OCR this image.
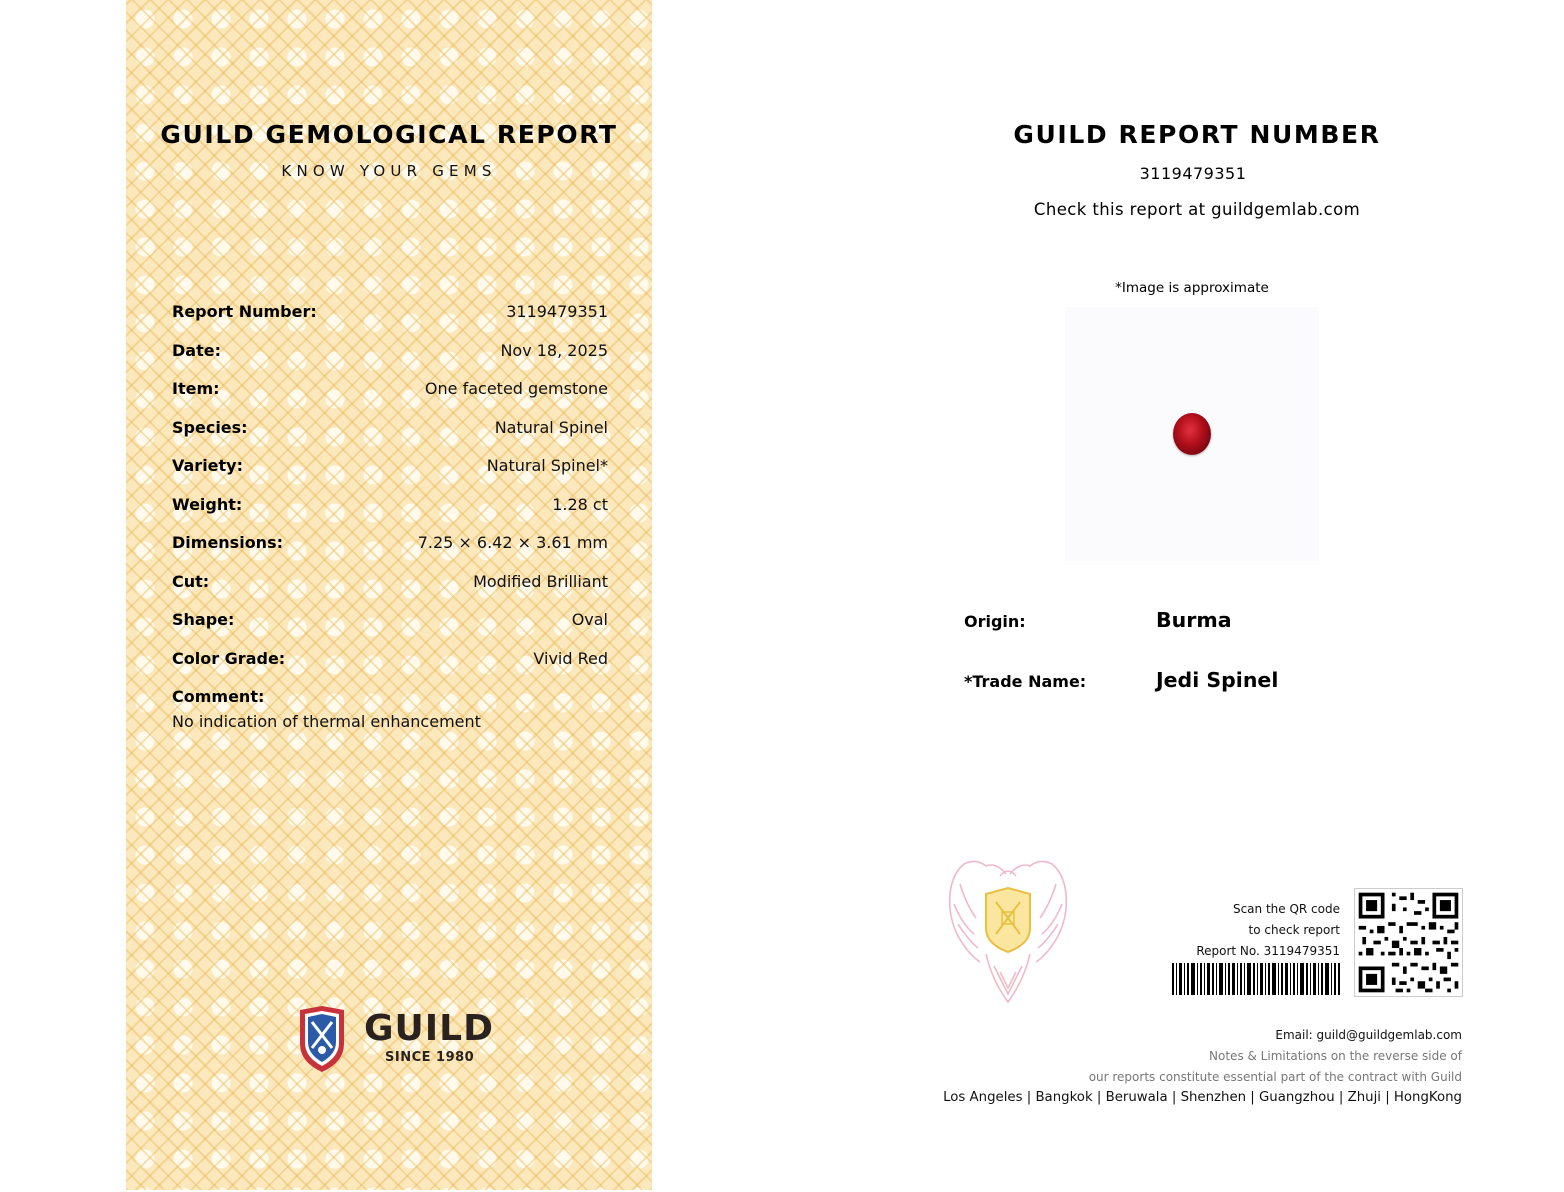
GUILD GEMOLOGICAL REPORT
KNOW YOUR GEMS
Report Number:	3119479351
Date:	Nov 18, 2025
Item:	One faceted gemstone
Species:	Natural Spinel
Variety:	Natural Spinel*
Weight:	1.28 ct
Dimensions:	7.25 × 6.42 × 3.61 mm
Cut:	Modified Brilliant
Shape:	Oval
Color Grade:	Vivid Red
Comment:
No indication of thermal enhancement
GUILD
SINCE 1980
GUILD REPORT NUMBER
3119479351
Check this report at guildgemlab.com
*Image is approximate
Origin:	Burma
*Trade Name:	Jedi Spinel
Scan the QR code
to check report
Report No. 3119479351
Email: guild@guildgemlab.com
Notes & Limitations on the reverse side of
our reports constitute essential part of the contract with Guild
Los Angeles | Bangkok | Beruwala | Shenzhen | Guangzhou | Zhuji | HongKong
